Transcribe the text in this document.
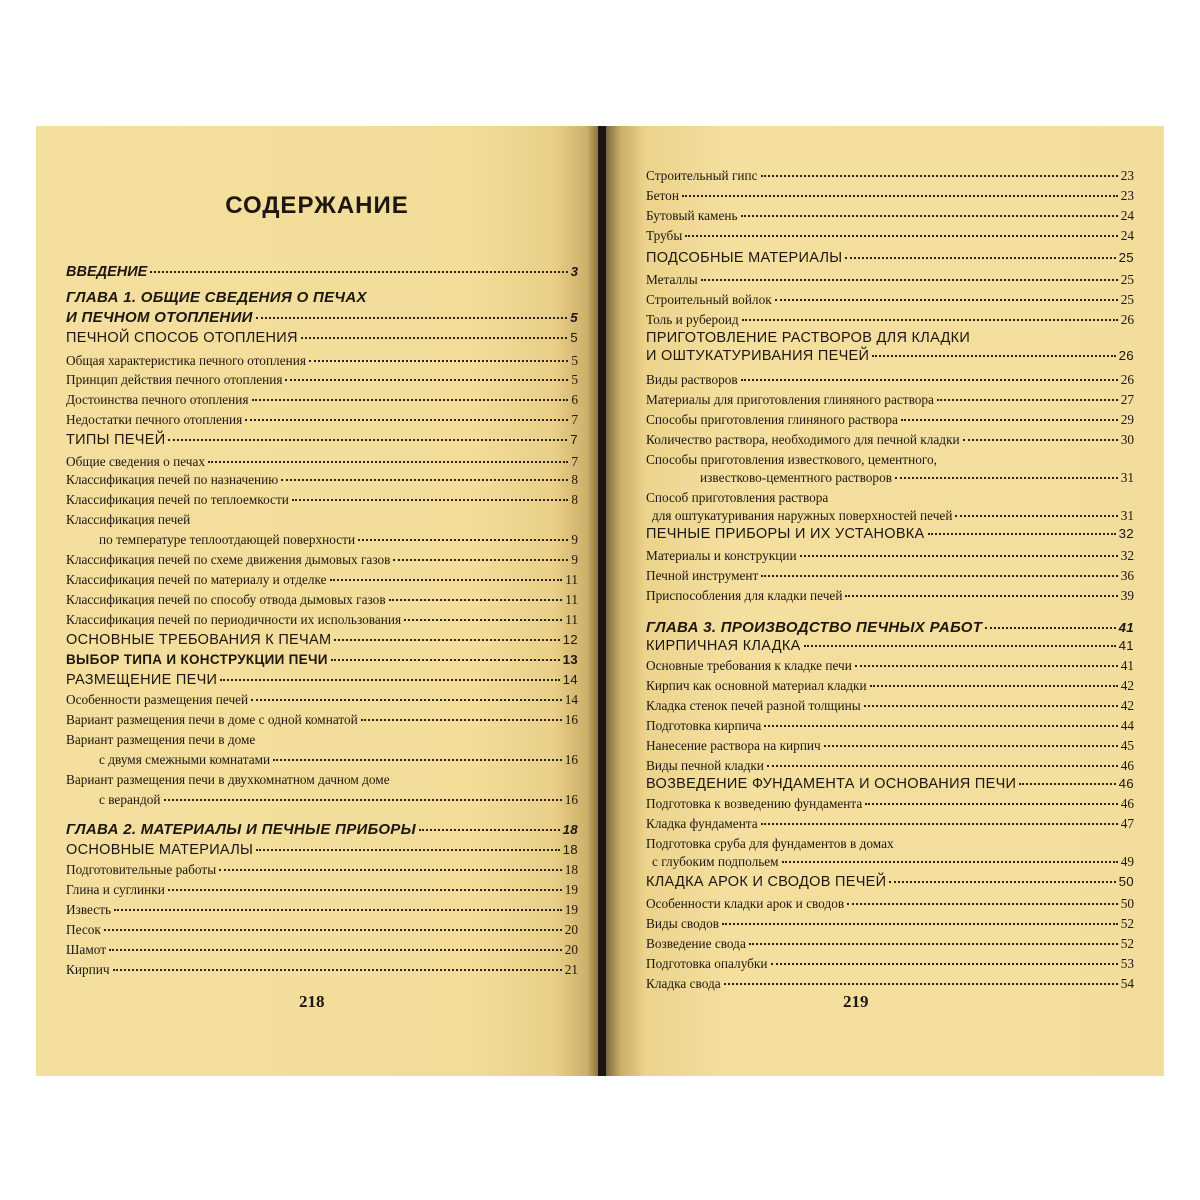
СОДЕРЖАНИЕ
ВВЕДЕНИЕ	3
ГЛАВА 1. ОБЩИЕ СВЕДЕНИЯ О ПЕЧАХ
И ПЕЧНОМ ОТОПЛЕНИИ	5
ПЕЧНОЙ СПОСОБ ОТОПЛЕНИЯ	5
Общая характеристика печного отопления	5
Принцип действия печного отопления	5
Достоинства печного отопления	6
Недостатки печного отопления	7
ТИПЫ ПЕЧЕЙ	7
Общие сведения о печах	7
Классификация печей по назначению	8
Классификация печей по теплоемкости	8
Классификация печей
по температуре теплоотдающей поверхности	9
Классификация печей по схеме движения дымовых газов	9
Классификация печей по материалу и отделке	11
Классификация печей по способу отвода дымовых газов	11
Классификация печей по периодичности их использования	11
ОСНОВНЫЕ ТРЕБОВАНИЯ К ПЕЧАМ	12
ВЫБОР ТИПА И КОНСТРУКЦИИ ПЕЧИ	13
РАЗМЕЩЕНИЕ ПЕЧИ	14
Особенности размещения печей	14
Вариант размещения печи в доме с одной комнатой	16
Вариант размещения печи в доме
с двумя смежными комнатами	16
Вариант размещения печи в двухкомнатном дачном доме
с верандой	16
ГЛАВА 2. МАТЕРИАЛЫ И ПЕЧНЫЕ ПРИБОРЫ	18
ОСНОВНЫЕ МАТЕРИАЛЫ	18
Подготовительные работы	18
Глина и суглинки	19
Известь	19
Песок	20
Шамот	20
Кирпич	21
218
Строительный гипс	23
Бетон	23
Бутовый камень	24
Трубы	24
ПОДСОБНЫЕ МАТЕРИАЛЫ	25
Металлы	25
Строительный войлок	25
Толь и рубероид	26
ПРИГОТОВЛЕНИЕ РАСТВОРОВ ДЛЯ КЛАДКИ
И ОШТУКАТУРИВАНИЯ ПЕЧЕЙ	26
Виды растворов	26
Материалы для приготовления глиняного раствора	27
Способы приготовления глиняного раствора	29
Количество раствора, необходимого для печной кладки	30
Способы приготовления известкового, цементного,
известково-цементного растворов	31
Способ приготовления раствора
для оштукатуривания наружных поверхностей печей	31
ПЕЧНЫЕ ПРИБОРЫ И ИХ УСТАНОВКА	32
Материалы и конструкции	32
Печной инструмент	36
Приспособления для кладки печей	39
ГЛАВА 3. ПРОИЗВОДСТВО ПЕЧНЫХ РАБОТ	41
КИРПИЧНАЯ КЛАДКА	41
Основные требования к кладке печи	41
Кирпич как основной материал кладки	42
Кладка стенок печей разной толщины	42
Подготовка кирпича	44
Нанесение раствора на кирпич	45
Виды печной кладки	46
ВОЗВЕДЕНИЕ ФУНДАМЕНТА И ОСНОВАНИЯ ПЕЧИ	46
Подготовка к возведению фундамента	46
Кладка фундамента	47
Подготовка сруба для фундаментов в домах
с глубоким подпольем	49
КЛАДКА АРОК И СВОДОВ ПЕЧЕЙ	50
Особенности кладки арок и сводов	50
Виды сводов	52
Возведение свода	52
Подготовка опалубки	53
Кладка свода	54
219
